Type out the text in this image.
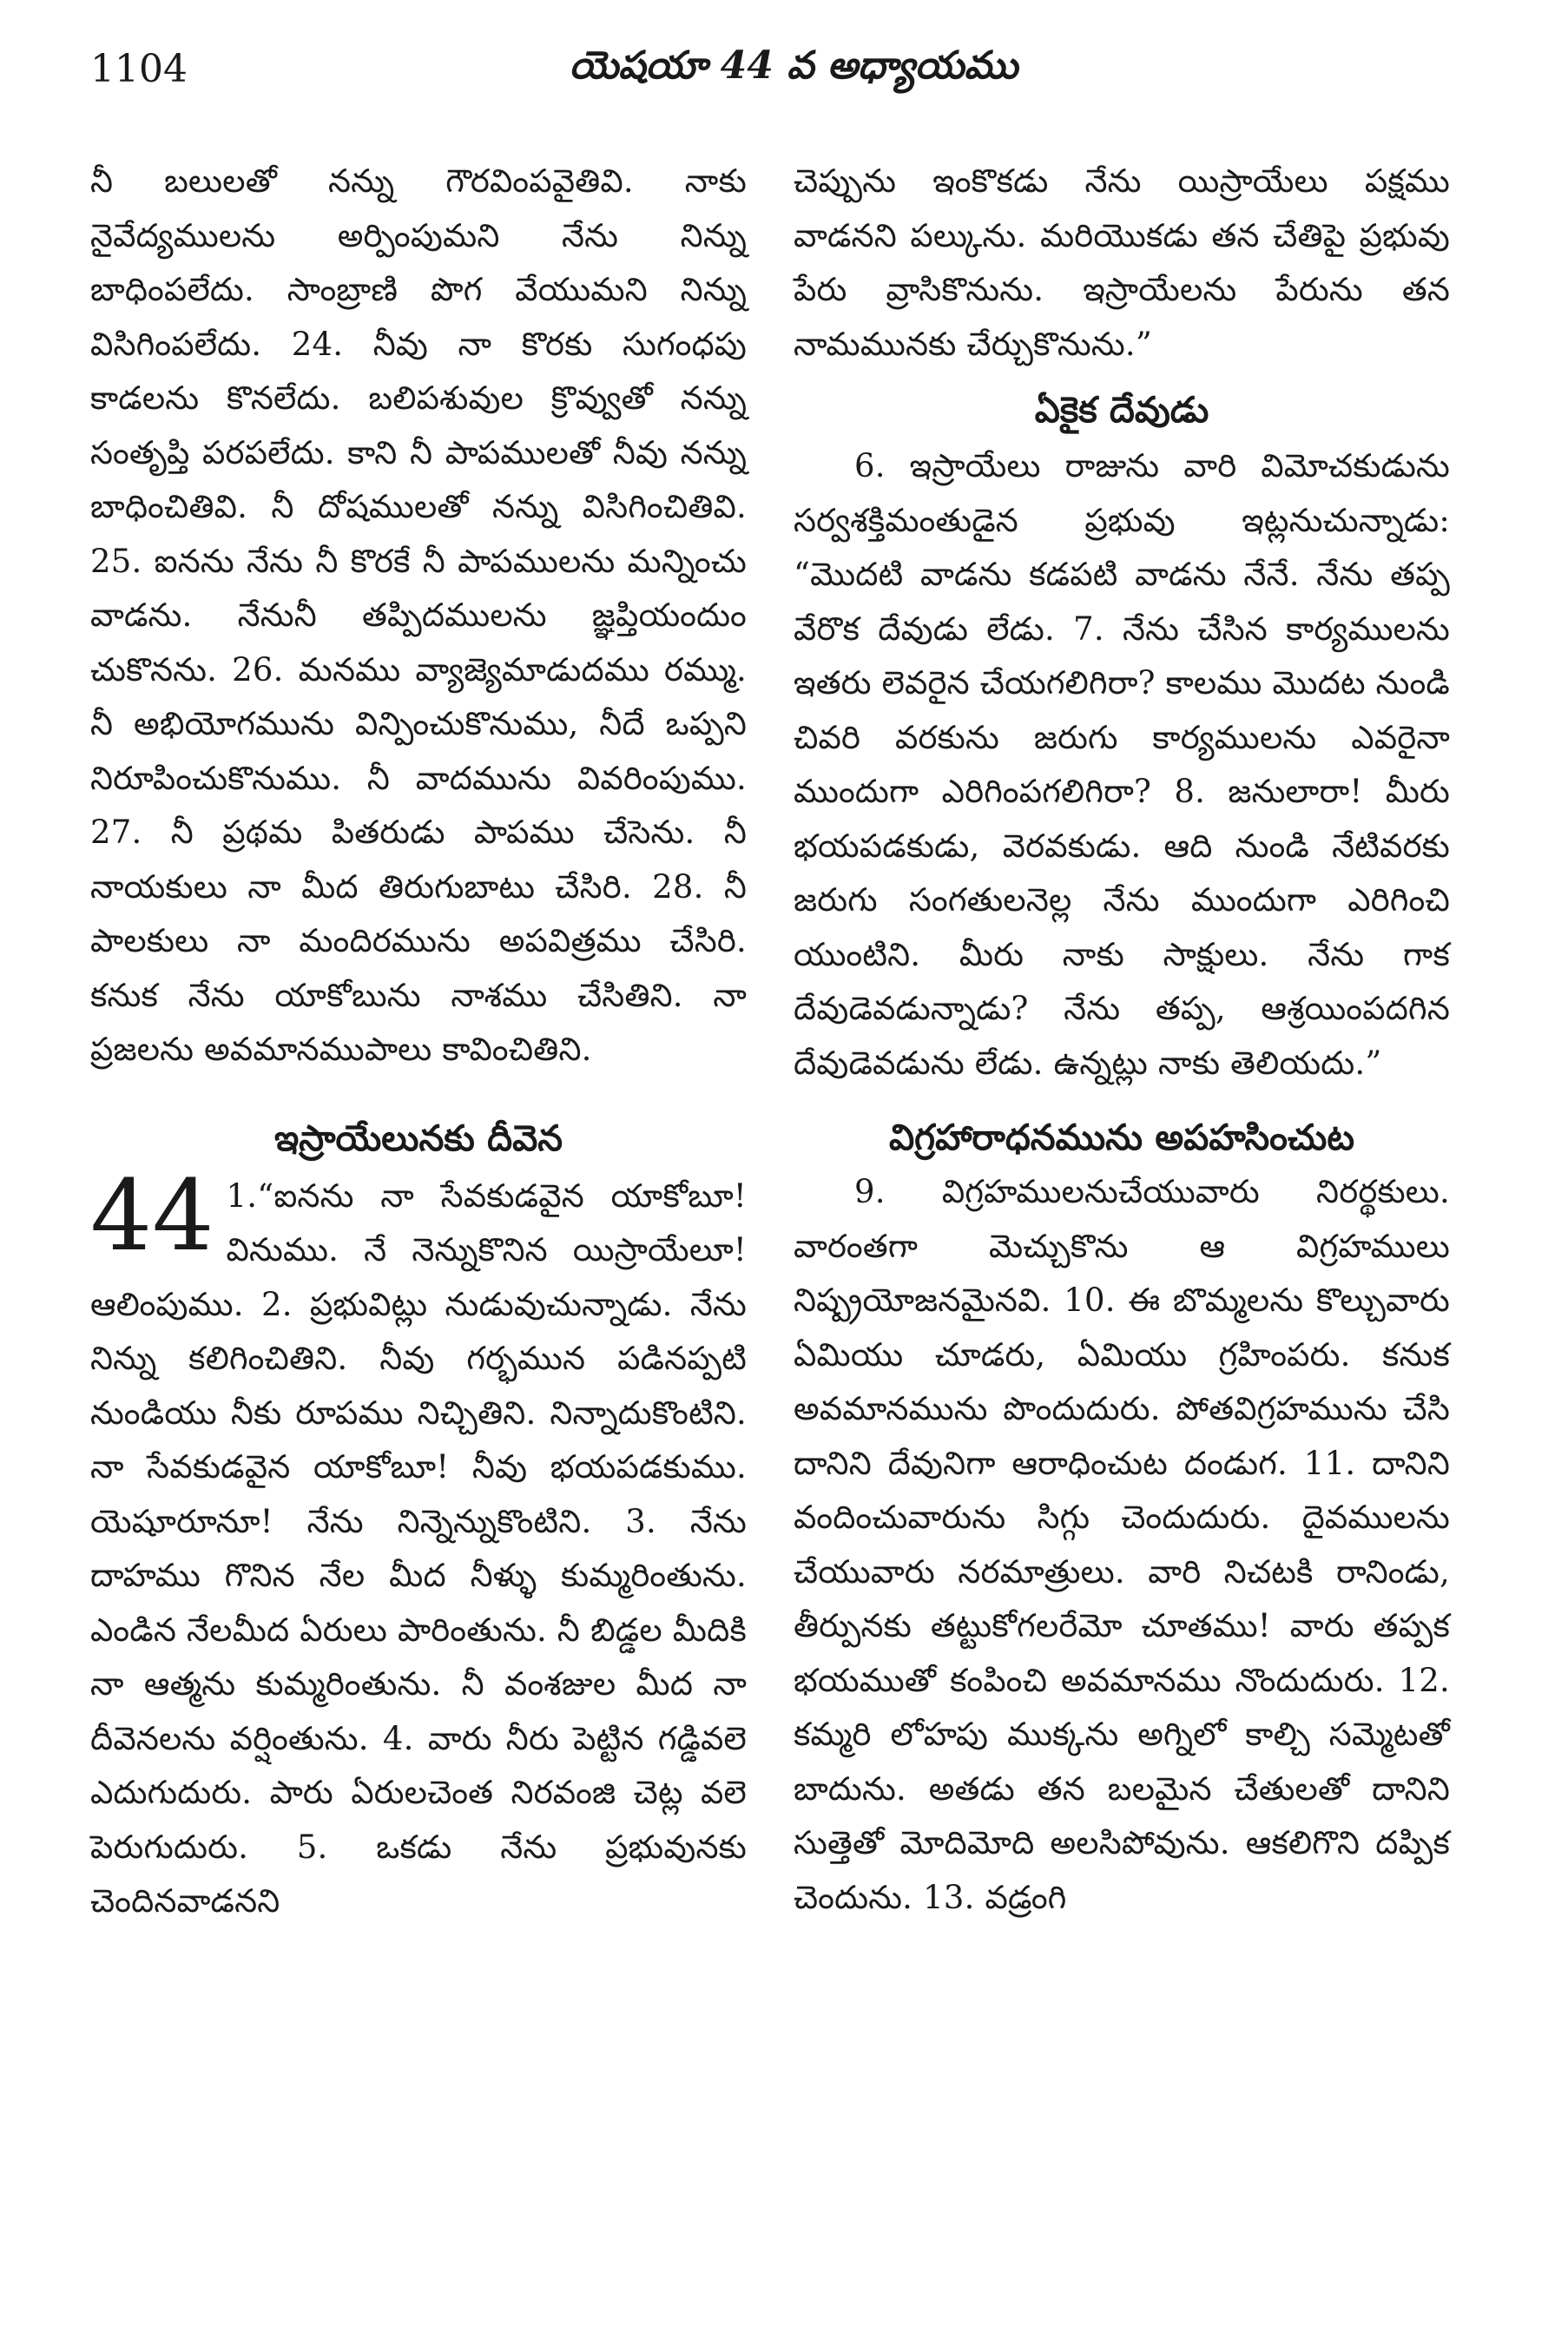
1104	యెషయా 44 వ అధ్యాయము

నీ బలులతో నన్ను గౌరవింపవైతివి. నాకు నైవేద్యములను అర్పింపుమని నేను నిన్ను బాధింపలేదు. సాంబ్రాణి పొగ వేయుమని నిన్ను విసిగింపలేదు. 24. నీవు నా కొరకు సుగంధపు కాడలను కొనలేదు. బలిపశువుల క్రొవ్వుతో నన్ను సంతృప్తి పరపలేదు. కాని నీ పాపములతో నీవు నన్ను బాధించితివి. నీ దోషములతో నన్ను విసిగించితివి. 25. ఐనను నేను నీ కొరకే నీ పాపములను మన్నించు వాడను. నేనునీ తప్పిదములను జ్ఞప్తియందుం చుకొనను. 26. మనము వ్యాజ్యెమాడుదము రమ్ము. నీ అభియోగమును విన్పించుకొనుము, నీదే ఒప్పని నిరూపించుకొనుము. నీ వాదమును వివరింపుము. 27. నీ ప్రథమ పితరుడు పాపము చేసెను. నీ నాయకులు నా మీద తిరుగుబాటు చేసిరి. 28. నీ పాలకులు నా మందిరమును అపవిత్రము చేసిరి. కనుక నేను యాకోబును నాశము చేసితిని. నా ప్రజలను అవమానముపాలు కావించితిని.

ఇస్రాయేలునకు దీవెన
44 1.“ఐనను నా సేవకుడవైన యాకోబూ! వినుము. నే నెన్నుకొనిన యిస్రాయేలూ! ఆలింపుము. 2. ప్రభువిట్లు నుడువుచున్నాడు. నేను నిన్ను కలిగించితిని. నీవు గర్భమున పడినప్పటి నుండియు నీకు రూపము నిచ్చితిని. నిన్నాదుకొంటిని. నా సేవకుడవైన యాకోబూ! నీవు భయపడకుము. యెషూరూనూ! నేను నిన్నెన్నుకొంటిని. 3. నేను దాహము గొనిన నేల మీద నీళ్ళు కుమ్మరింతును. ఎండిన నేలమీద ఏరులు పారింతును. నీ బిడ్డల మీదికి నా ఆత్మను కుమ్మరింతును. నీ వంశజుల మీద నా దీవెనలను వర్షింతును. 4. వారు నీరు పెట్టిన గడ్డివలె ఎదుగుదురు. పారు ఏరులచెంత నిరవంజి చెట్ల వలె పెరుగుదురు. 5. ఒకడు నేను ప్రభువునకు చెందినవాడనని

చెప్పును ఇంకొకడు నేను యిస్రాయేలు పక్షము వాడనని పల్కును. మరియొకడు తన చేతిపై ప్రభువు పేరు వ్రాసికొనును. ఇస్రాయేలను పేరును తన నామమునకు చేర్చుకొనును.”

ఏకైక దేవుడు

6. ఇస్రాయేలు రాజును వారి విమోచకుడును సర్వశక్తిమంతుడైన ప్రభువు ఇట్లనుచున్నాడు: “మొదటి వాడను కడపటి వాడను నేనే. నేను తప్ప వేరొక దేవుడు లేడు. 7. నేను చేసిన కార్యములను ఇతరు లెవరైన చేయగలిగిరా? కాలము మొదట నుండి చివరి వరకును జరుగు కార్యములను ఎవరైనా ముందుగా ఎరిగింపగలిగిరా? 8. జనులారా! మీరు భయపడకుడు, వెరవకుడు. ఆది నుండి నేటివరకు జరుగు సంగతులనెల్ల నేను ముందుగా ఎరిగించి యుంటిని. మీరు నాకు సాక్షులు. నేను గాక దేవుడెవడున్నాడు? నేను తప్ప, ఆశ్రయింపదగిన దేవుడెవడును లేడు. ఉన్నట్లు నాకు తెలియదు.”

విగ్రహారాధనమును అపహసించుట

9. విగ్రహములనుచేయువారు నిరర్థకులు. వారంతగా మెచ్చుకొను ఆ విగ్రహములు నిష్ప్రయోజనమైనవి. 10. ఈ బొమ్మలను కొల్చువారు ఏమియు చూడరు, ఏమియు గ్రహింపరు. కనుక అవమానమును పొందుదురు. పోతవిగ్రహమును చేసి దానిని దేవునిగా ఆరాధించుట దండుగ. 11. దానిని వందించువారును సిగ్గు చెందుదురు. దైవములను చేయువారు నరమాత్రులు. వారి నిచటకి రానిండు, తీర్పునకు తట్టుకోగలరేమో చూతము! వారు తప్పక భయముతో కంపించి అవమానము నొందుదురు. 12. కమ్మరి లోహపు ముక్కను అగ్నిలో కాల్చి సమ్మెటతో బాదును. అతడు తన బలమైన చేతులతో దానిని సుత్తెతో మోదిమోది అలసిపోవును. ఆకలిగొని దప్పిక చెందును. 13. వడ్రంగి
